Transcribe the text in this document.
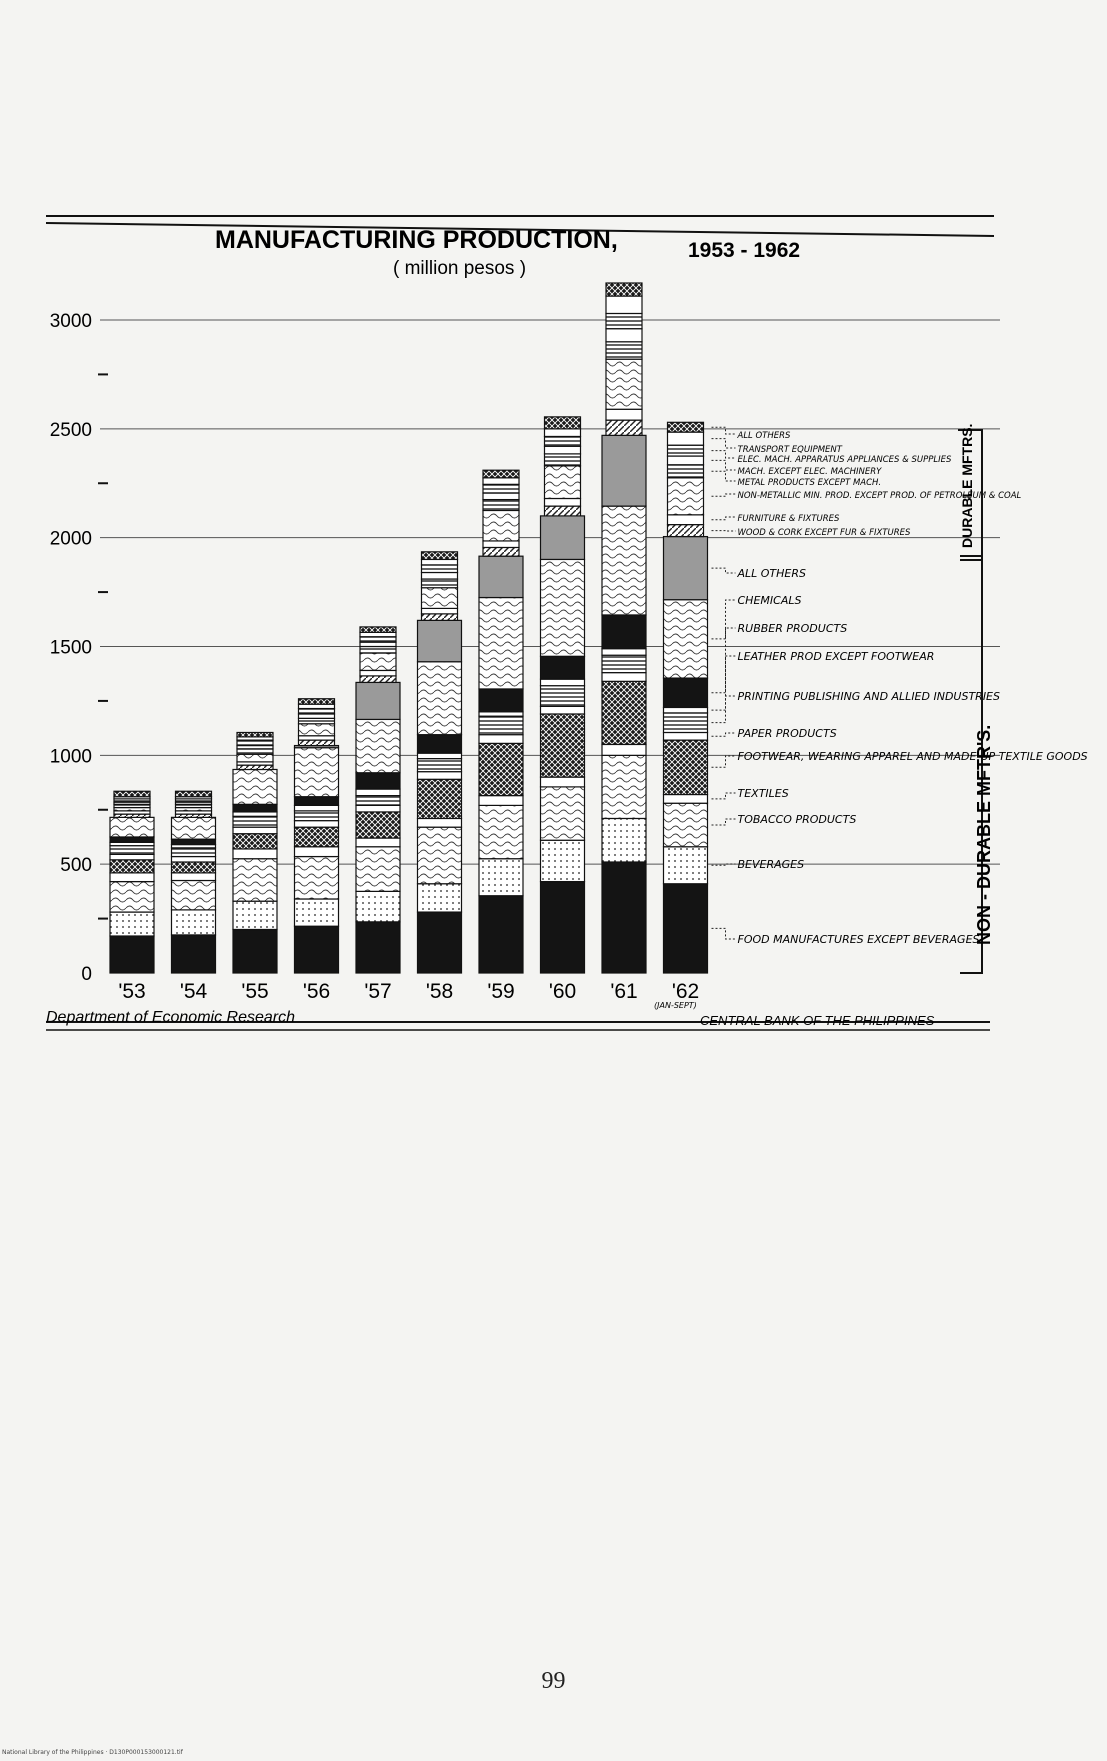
MANUFACTURING PRODUCTION,	1953 - 1962
( million pesos )
0
500
1000
1500
2000
2500
3000
'53 '54 '55 '56 '57 '58 '59 '60 '61 '62
FOOD MANUFACTURES EXCEPT BEVERAGES
BEVERAGES
TOBACCO PRODUCTS
TEXTILES
FOOTWEAR, WEARING APPAREL AND MADE-UP TEXTILE GOODS
PAPER PRODUCTS
PRINTING PUBLISHING AND ALLIED INDUSTRIES
LEATHER PROD EXCEPT FOOTWEAR
RUBBER PRODUCTS
CHEMICALS
ALL OTHERS
ALL OTHERS
TRANSPORT EQUIPMENT
ELEC. MACH. APPARATUS APPLIANCES & SUPPLIES
MACH. EXCEPT ELEC. MACHINERY
METAL PRODUCTS EXCEPT MACH.
NON-METALLIC MIN. PROD. EXCEPT PROD. OF PETROLEUM & COAL
FURNITURE & FIXTURES
WOOD & CORK EXCEPT FUR & FIXTURES	DURABLE MFTRS.
NON - DURABLE MFTR'S.
(JAN-SEPT)
Department of Economic Research	CENTRAL BANK OF THE PHILIPPINES
99
National Library of the Philippines · D130P000153000121.tif
